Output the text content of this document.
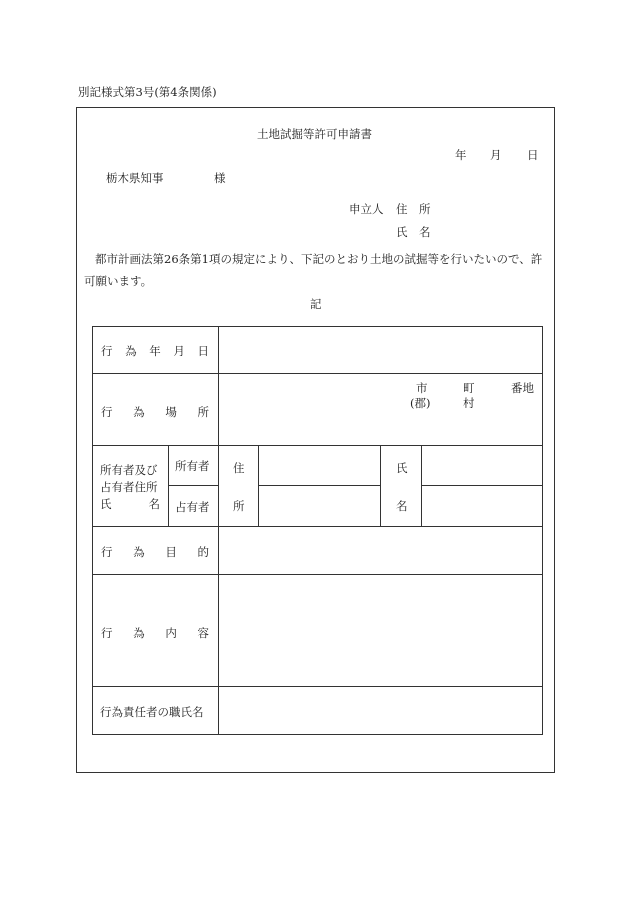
別記様式第3号(第4条関係)
土地試掘等許可申請書
年 月 日
栃木県知事	様
申立人 住　所
氏　名
都市計画法第26条第1項の規定により、下記のとおり土地の試掘等を行いたいので、許
可願います。
記
行 為 年 月 日
行 為 場 所
市
(郡)
町
村
番地
所有者及び
占有者住所
氏	名
所有者
占有者
住
所
氏
名
行 為 目 的
行 為 内 容
行為責任者の職氏名
